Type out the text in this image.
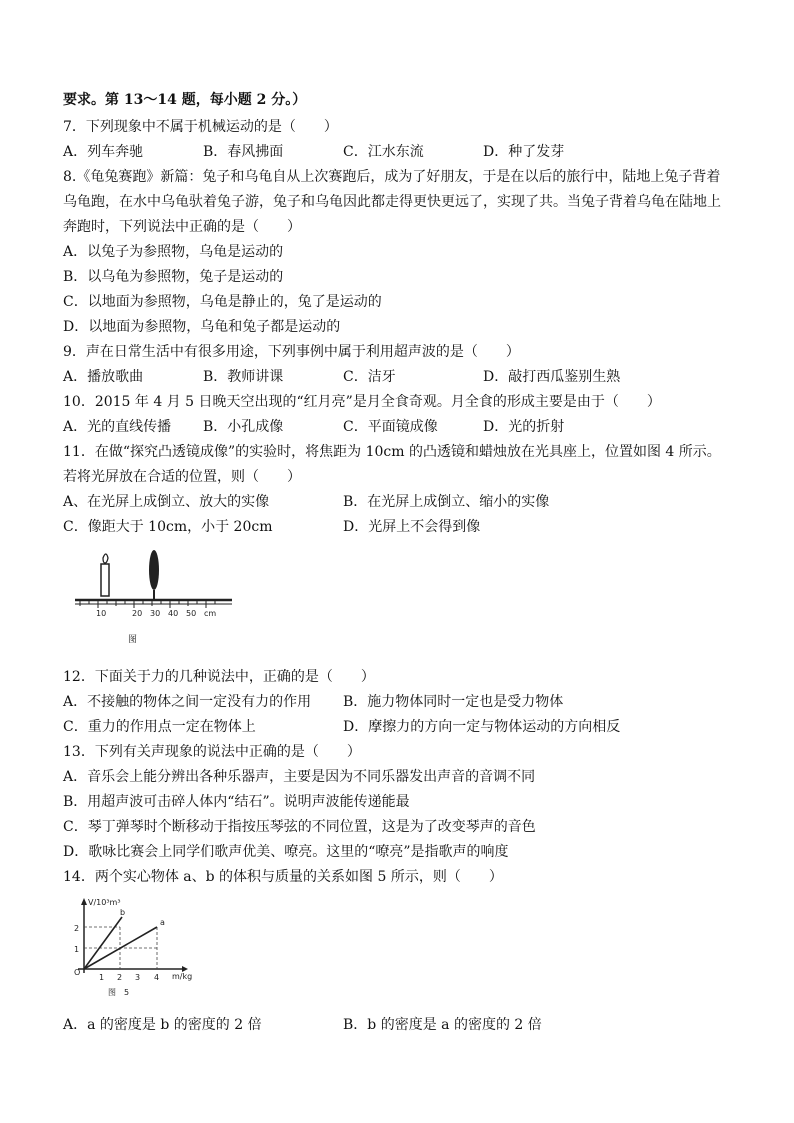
要求。第 13～14 题，每小题 2 分。）
7．下列现象中不属于机械运动的是（　　）
A．列车奔驰	B．春风拂面	C．江水东流	D．种了发芽
8.《龟兔赛跑》新篇：兔子和乌龟自从上次赛跑后，成为了好朋友，于是在以后的旅行中，陆地上兔子背着
乌龟跑，在水中乌龟驮着兔子游，兔子和乌龟因此都走得更快更远了，实现了共。当兔子背着乌龟在陆地上
奔跑时，下列说法中正确的是（　　）
A．以兔子为参照物，乌龟是运动的
B．以乌龟为参照物，兔子是运动的
C．以地面为参照物，乌龟是静止的，兔了是运动的
D．以地面为参照物，乌龟和兔子都是运动的
9．声在日常生活中有很多用途，下列事例中属于利用超声波的是（　　）
A．播放歌曲	B．教师讲课	C．洁牙	D．敲打西瓜鉴别生熟
10．2015 年 4 月 5 日晚天空出现的“红月亮”是月全食奇观。月全食的形成主要是由于（　　）
A．光的直线传播 B．小孔成像	C．平面镜成像	D．光的折射
11．在做“探究凸透镜成像”的实验时，将焦距为 10cm 的凸透镜和蜡烛放在光具座上，位置如图 4 所示。
若将光屏放在合适的位置，则（　　）
A、在光屏上成倒立、放大的实像	B．在光屏上成倒立、缩小的实像
C．像距大于 10cm，小于 20cm	D．光屏上不会得到像
10	20 30 40 50 cm
图
12．下面关于力的几种说法中，正确的是（　　）
A．不接触的物体之间一定没有力的作用 B．施力物体同时一定也是受力物体
C．重力的作用点一定在物体上	D．摩擦力的方向一定与物体运动的方向相反
13．下列有关声现象的说法中正确的是（　　）
A．音乐会上能分辨出各种乐器声，主要是因为不同乐器发出声音的音调不同
B．用超声波可击碎人体内“结石”。说明声波能传递能最
C．琴丁弹琴时个断移动于指按压琴弦的不同位置，这是为了改变琴声的音色
D．歌咏比赛会上同学们歌声优美、嘹亮。这里的“嘹亮”是指歌声的响度
14．两个实心物体 a、b 的体积与质量的关系如图 5 所示，则（　　）
V/10³m³
m/kg
1
2
1 2 3 4
O
b
a
图　5
A．a 的密度是 b 的密度的 2 倍	B．b 的密度是 a 的密度的 2 倍
